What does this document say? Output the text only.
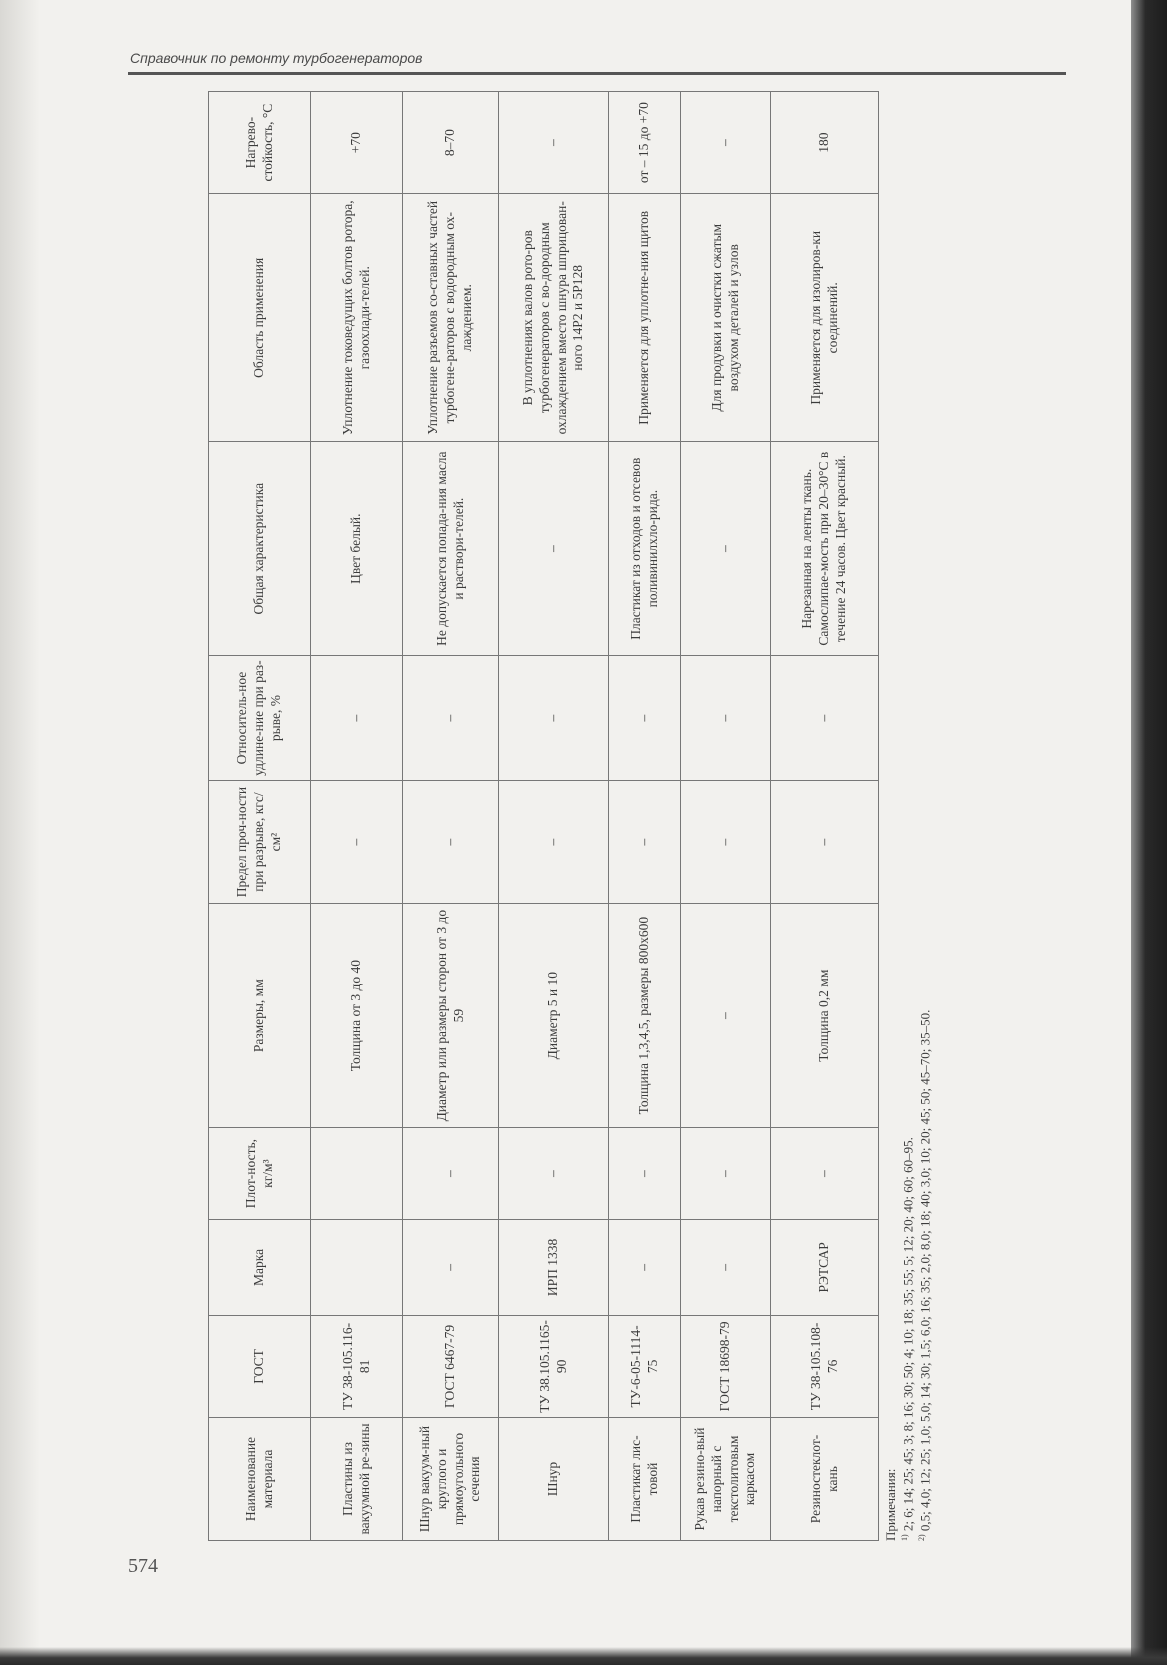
Справочник по ремонту турбогенераторов
574
Наименование материала	ГОСТ	Марка	Плот-ность, кг/м³	Размеры, мм	Предел проч-ности при разрыве, кгс/см²	Относитель-ное удлине-ние при раз-рыве, %	Общая характеристика	Область применения	Нагрево-стойкость, °С
Пластины из вакуумной ре-зины	ТУ 38-105.116-81			Толщина от 3 до 40	–	–	Цвет белый.	Уплотнение токоведущих болтов ротора, газоохлади-телей.	+70
Шнур вакуум-ный круглого и прямоугольного сечения	ГОСТ 6467-79	–	–	Диаметр или размеры сторон от 3 до 59	–	–	Не допускается попада-ния масла и раствори-телей.	Уплотнение разъемов со-ставных частей турбогене-раторов с водородным ох-лаждением.	8–70
Шнур	ТУ 38.105.1165-90	ИРП 1338	–	Диаметр 5 и 10	–	–	–	В уплотнениях валов рото-ров турбогенераторов с во-дородным охлаждением вместо шнура шприцован-ного 14Р2 и 5Р128	–
Пластикат лис-товой	ТУ-6-05-1114-75	–	–	Толщина 1,3,4,5, размеры 800х600	–	–	Пластикат из отходов и отсевов поливинилхло-рида.	Применяется для уплотне-ния щитов	от – 15 до +70
Рукав резино-вый напорный с текстолитовым каркасом	ГОСТ 18698-79	–	–	–	–	–	–	Для продувки и очистки сжатым воздухом деталей и узлов	–
Резиностеклот-кань	ТУ 38-105.108-76	РЭТСАР	–	Толщина 0,2 мм	–	–	Нарезанная на ленты ткань. Самослипае-мость при 20–30°С в течение 24 часов. Цвет красный.	Применяется для изолиров-ки соединений.	180
Примечания: $^{1)}$ 2; 6; 14; 25; 45; 3; 8; 16; 30; 50; 4; 10; 18; 35; 55; 5; 12; 20; 40; 60; 60–95.
$^{2)}$ 0,5; 4,0; 12; 25; 1,0; 5,0; 14; 30; 1,5; 6,0; 16; 35; 2,0; 8,0; 18; 40; 3,0; 10; 20; 45; 50; 45–70; 35–50.
